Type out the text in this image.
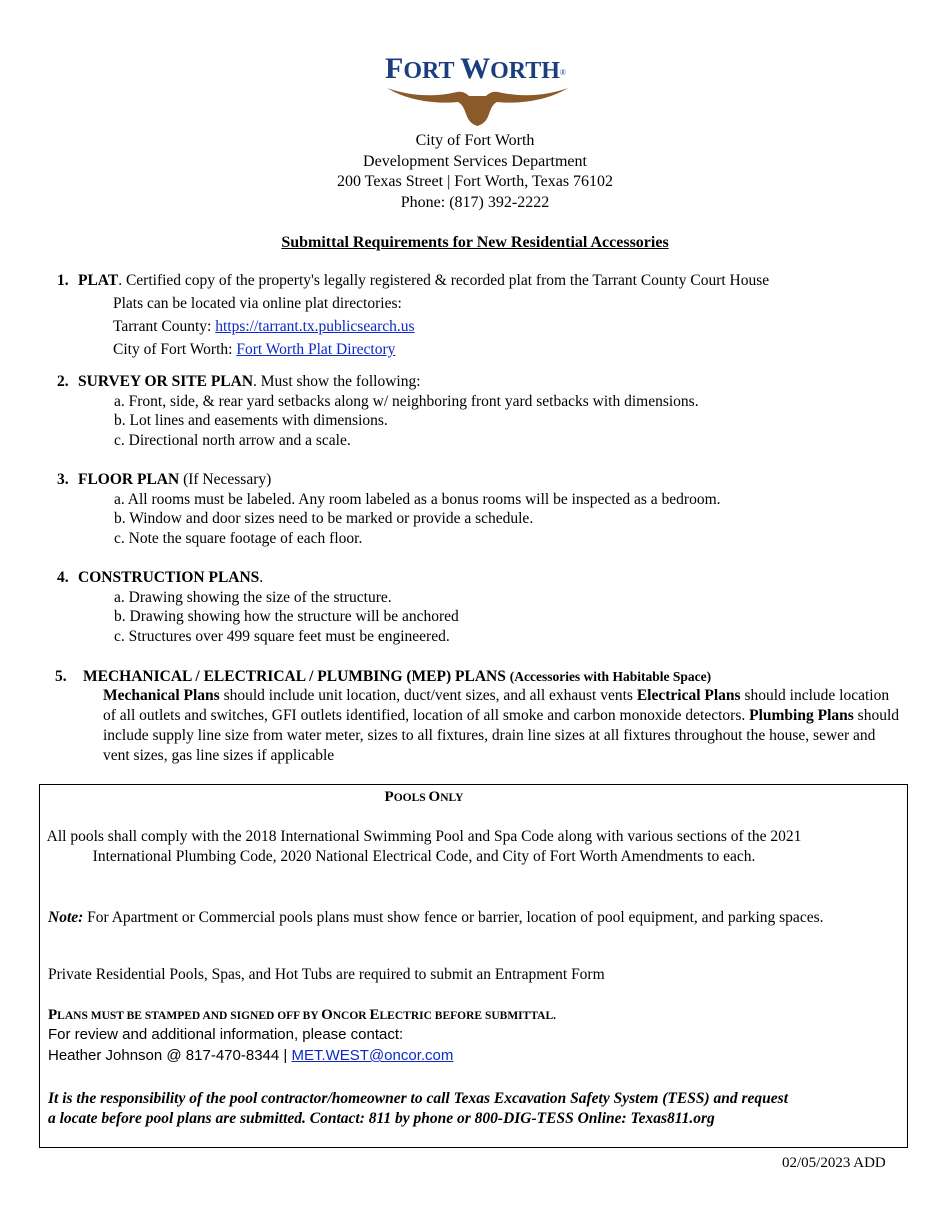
FORT WORTH®
City of Fort Worth
Development Services Department
200 Texas Street | Fort Worth, Texas 76102
Phone: (817) 392-2222
Submittal Requirements for New Residential Accessories
1. PLAT. Certified copy of the property's legally registered & recorded plat from the Tarrant County Court House
Plats can be located via online plat directories:
Tarrant County: https://tarrant.tx.publicsearch.us
City of Fort Worth: Fort Worth Plat Directory
2. SURVEY OR SITE PLAN. Must show the following:
a. Front, side, & rear yard setbacks along w/ neighboring front yard setbacks with dimensions.
b. Lot lines and easements with dimensions.
c. Directional north arrow and a scale.
3. FLOOR PLAN (If Necessary)
a. All rooms must be labeled. Any room labeled as a bonus rooms will be inspected as a bedroom.
b. Window and door sizes need to be marked or provide a schedule.
c. Note the square footage of each floor.
4. CONSTRUCTION PLANS.
a. Drawing showing the size of the structure.
b. Drawing showing how the structure will be anchored
c. Structures over 499 square feet must be engineered.
5. MECHANICAL / ELECTRICAL / PLUMBING (MEP) PLANS (Accessories with Habitable Space)
Mechanical Plans should include unit location, duct/vent sizes, and all exhaust vents Electrical Plans should include location of all outlets and switches, GFI outlets identified, location of all smoke and carbon monoxide detectors. Plumbing Plans should include supply line size from water meter, sizes to all fixtures, drain line sizes at all fixtures throughout the house, sewer and vent sizes, gas line sizes if applicable
POOLS ONLY
All pools shall comply with the 2018 International Swimming Pool and Spa Code along with various sections of the 2021 International Plumbing Code, 2020 National Electrical Code, and City of Fort Worth Amendments to each.
Note: For Apartment or Commercial pools plans must show fence or barrier, location of pool equipment, and parking spaces.
Private Residential Pools, Spas, and Hot Tubs are required to submit an Entrapment Form
PLANS MUST BE STAMPED AND SIGNED OFF BY ONCOR ELECTRIC BEFORE SUBMITTAL.
For review and additional information, please contact:
Heather Johnson @ 817-470-8344 | MET.WEST@oncor.com
It is the responsibility of the pool contractor/homeowner to call Texas Excavation Safety System (TESS) and request a locate before pool plans are submitted. Contact: 811 by phone or 800-DIG-TESS Online: Texas811.org
02/05/2023 ADD
